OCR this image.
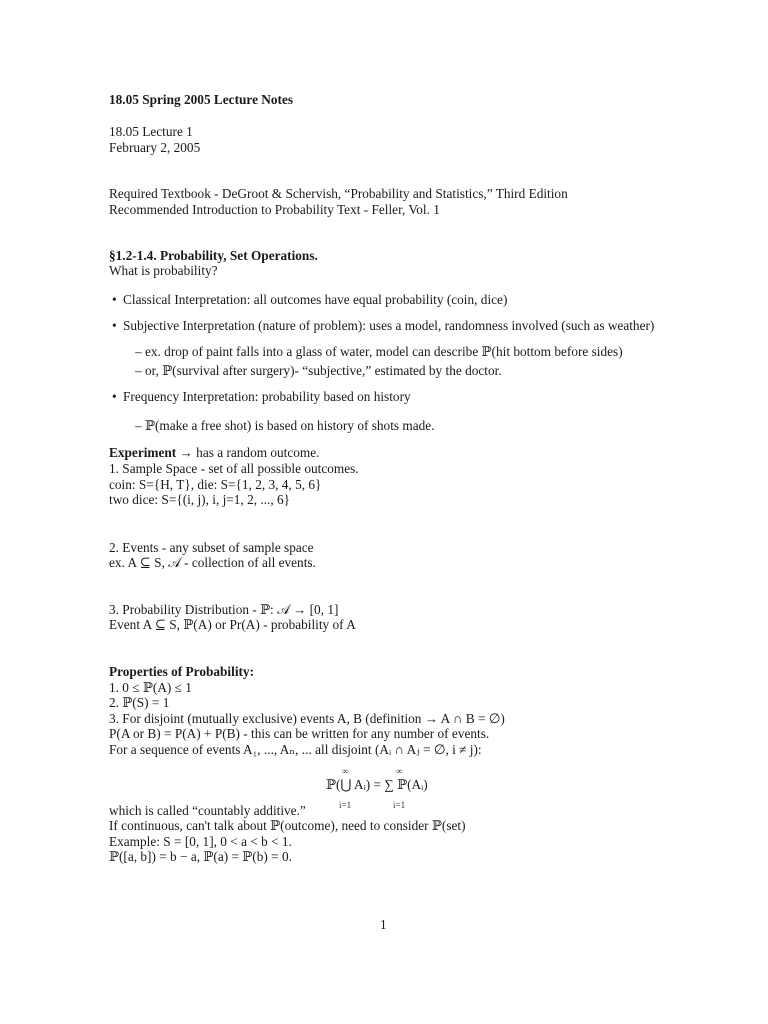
18.05 Spring 2005 Lecture Notes
18.05 Lecture 1
February 2, 2005
Required Textbook - DeGroot & Schervish, “Probability and Statistics,” Third Edition
Recommended Introduction to Probability Text - Feller, Vol. 1
§1.2-1.4. Probability, Set Operations.
What is probability?
• Classical Interpretation: all outcomes have equal probability (coin, dice)
• Subjective Interpretation (nature of problem): uses a model, randomness involved (such as weather)
– ex. drop of paint falls into a glass of water, model can describe ℙ(hit bottom before sides)
– or, ℙ(survival after surgery)- “subjective,” estimated by the doctor.
• Frequency Interpretation: probability based on history
– ℙ(make a free shot) is based on history of shots made.
Experiment → has a random outcome.
1. Sample Space - set of all possible outcomes.
coin: S={H, T}, die: S={1, 2, 3, 4, 5, 6}
two dice: S={(i, j), i, j=1, 2, ..., 6}
2. Events - any subset of sample space
ex. A ⊆ S, 𝒜 - collection of all events.
3. Probability Distribution - ℙ: 𝒜 → [0, 1]
Event A ⊆ S, ℙ(A) or Pr(A) - probability of A
Properties of Probability:
1. 0 ≤ ℙ(A) ≤ 1
2. ℙ(S) = 1
3. For disjoint (mutually exclusive) events A, B (definition → A ∩ B = ∅)
P(A or B) = P(A) + P(B) - this can be written for any number of events.
For a sequence of events A₁, ..., Aₙ, ... all disjoint (Aᵢ ∩ Aⱼ = ∅, i ≠ j):
∞
i=1
∞
i=1
ℙ(⋃ Aᵢ) = ∑ ℙ(Aᵢ)
which is called “countably additive.”
If continuous, can't talk about ℙ(outcome), need to consider ℙ(set)
Example: S = [0, 1], 0 < a < b < 1.
ℙ([a, b]) = b − a, ℙ(a) = ℙ(b) = 0.
1
